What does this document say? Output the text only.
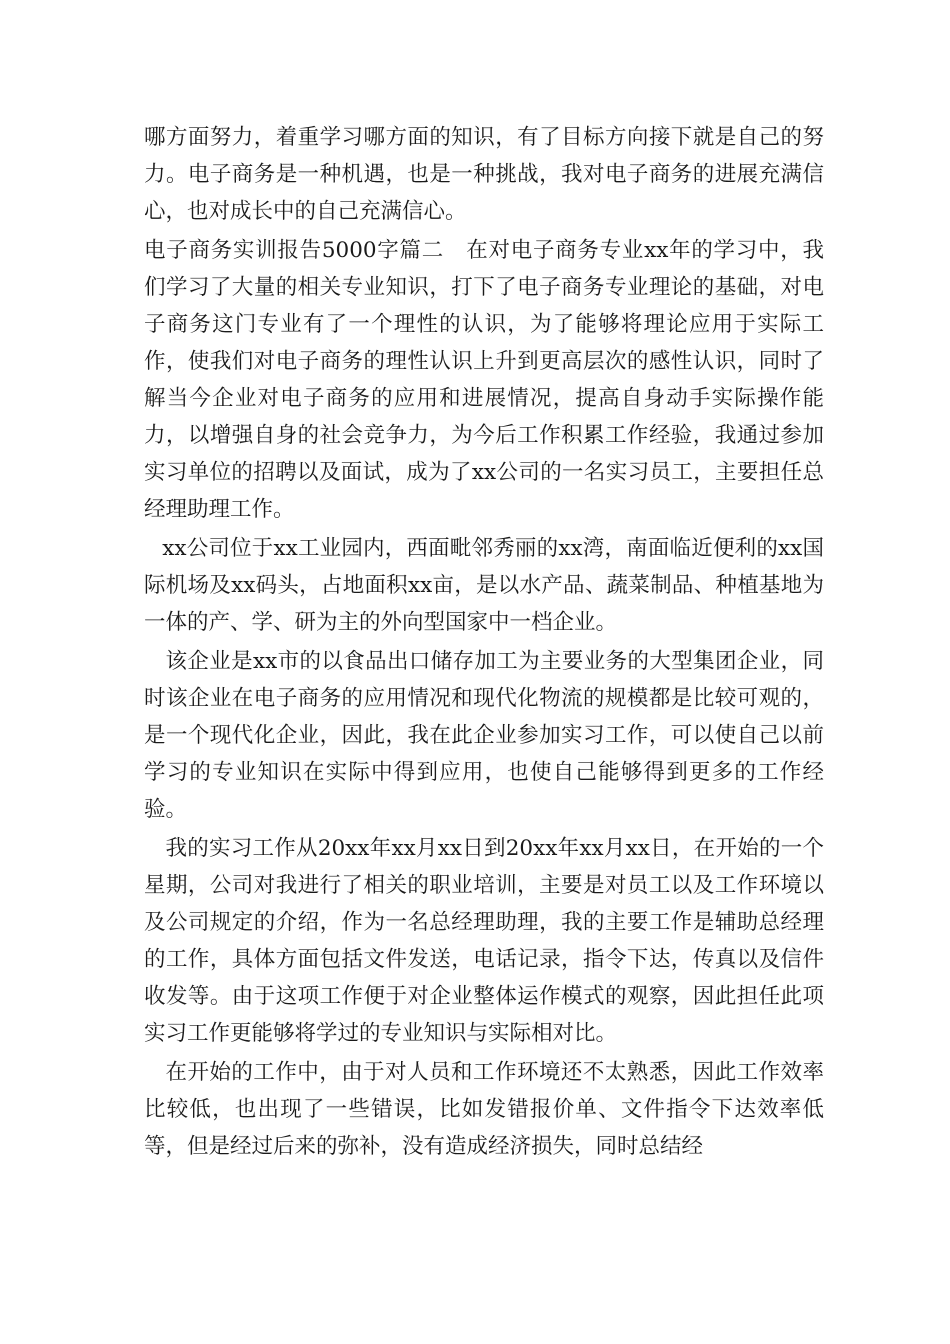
哪方面努力，着重学习哪方面的知识，有了目标方向接下就是自己的努力。电子商务是一种机遇，也是一种挑战，我对电子商务的进展充满信心，也对成长中的自己充满信心。

电子商务实训报告5000字篇二　在对电子商务专业xx年的学习中，我们学习了大量的相关专业知识，打下了电子商务专业理论的基础，对电子商务这门专业有了一个理性的认识，为了能够将理论应用于实际工作，使我们对电子商务的理性认识上升到更高层次的感性认识，同时了解当今企业对电子商务的应用和进展情况，提高自身动手实际操作能力，以增强自身的社会竞争力，为今后工作积累工作经验，我通过参加实习单位的招聘以及面试，成为了xx公司的一名实习员工，主要担任总经理助理工作。

xx公司位于xx工业园内，西面毗邻秀丽的xx湾，南面临近便利的xx国际机场及xx码头，占地面积xx亩，是以水产品、蔬菜制品、种植基地为一体的产、学、研为主的外向型国家中一档企业。

该企业是xx市的以食品出口储存加工为主要业务的大型集团企业，同时该企业在电子商务的应用情况和现代化物流的规模都是比较可观的，是一个现代化企业，因此，我在此企业参加实习工作，可以使自己以前学习的专业知识在实际中得到应用，也使自己能够得到更多的工作经验。

我的实习工作从20xx年xx月xx日到20xx年xx月xx日，在开始的一个星期，公司对我进行了相关的职业培训，主要是对员工以及工作环境以及公司规定的介绍，作为一名总经理助理，我的主要工作是辅助总经理的工作，具体方面包括文件发送，电话记录，指令下达，传真以及信件收发等。由于这项工作便于对企业整体运作模式的观察，因此担任此项实习工作更能够将学过的专业知识与实际相对比。

在开始的工作中，由于对人员和工作环境还不太熟悉，因此工作效率比较低，也出现了一些错误，比如发错报价单、文件指令下达效率低等，但是经过后来的弥补，没有造成经济损失，同时总结经
